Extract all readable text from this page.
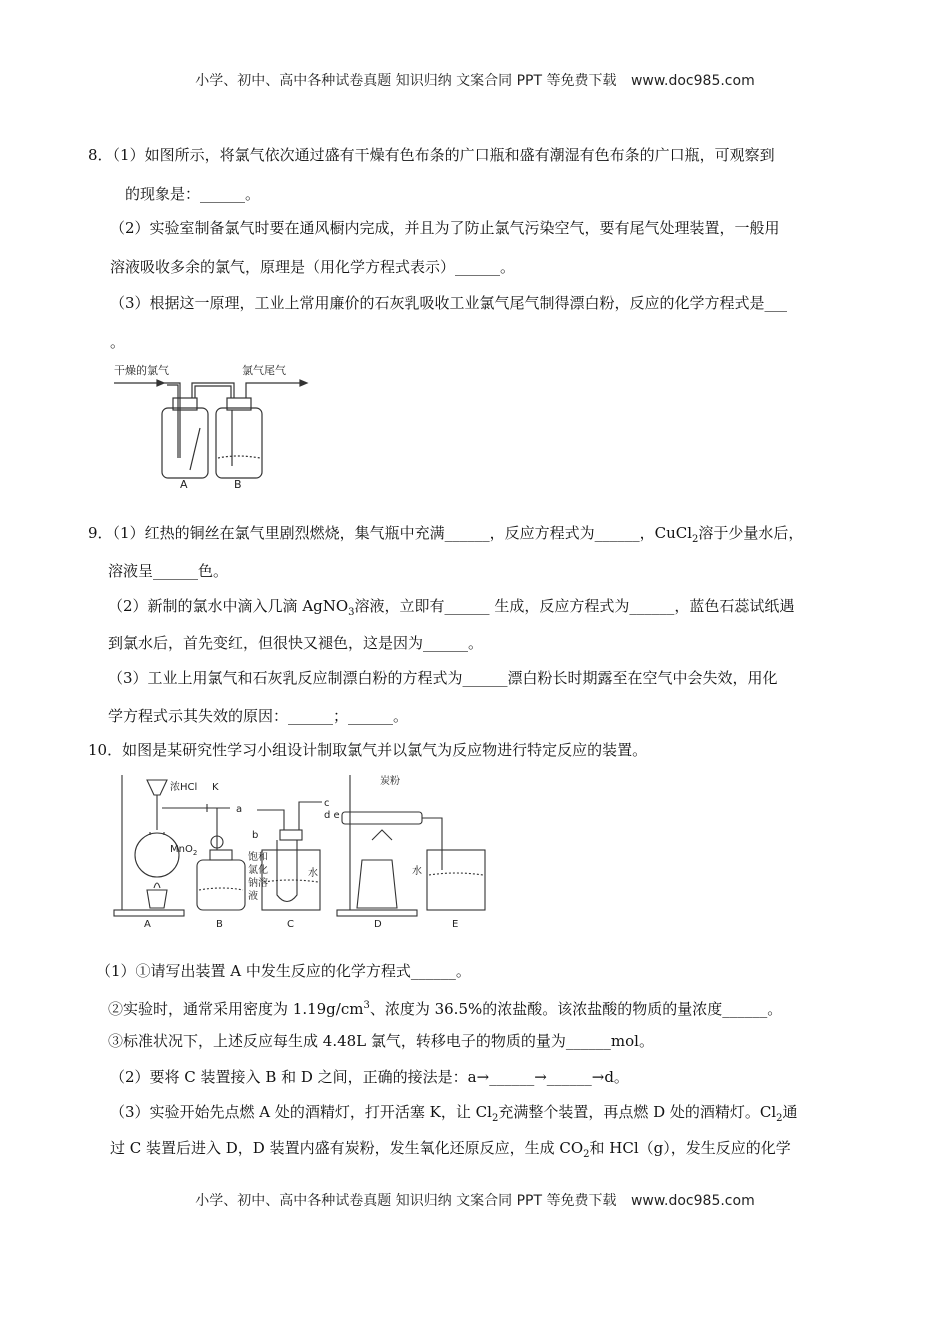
小学、初中、高中各种试卷真题 知识归纳 文案合同 PPT 等免费下载 www.doc985.com
8．（1）如图所示，将氯气依次通过盛有干燥有色布条的广口瓶和盛有潮湿有色布条的广口瓶，可观察到
的现象是：______。
（2）实验室制备氯气时要在通风橱内完成，并且为了防止氯气污染空气，要有尾气处理装置，一般用
溶液吸收多余的氯气，原理是（用化学方程式表示）______。
（3）根据这一原理，工业上常用廉价的石灰乳吸收工业氯气尾气制得漂白粉，反应的化学方程式是___
。
干燥的氯气	氯气尾气
A	B
9．（1）红热的铜丝在氯气里剧烈燃烧，集气瓶中充满______，反应方程式为______，CuCl$_2$溶于少量水后，
溶液呈______色。
（2）新制的氯水中滴入几滴 AgNO$_3$溶液，立即有______ 生成，反应方程式为______，蓝色石蕊试纸遇
到氯水后，首先变红，但很快又褪色，这是因为______。
（3）工业上用氯气和石灰乳反应制漂白粉的方程式为______漂白粉长时期露至在空气中会失效，用化
学方程式示其失效的原因：______；______。
10．如图是某研究性学习小组设计制取氯气并以氯气为反应物进行特定反应的装置。
浓HCl K
a
b
c
d e
MnO$_2$
炭粉
饱和
氯化
钠溶
液
水	水
A	B	C	D	E
（1）①请写出装置 A 中发生反应的化学方程式______。
②实验时，通常采用密度为 $1.19g/cm^3$、浓度为 36.5%的浓盐酸。该浓盐酸的物质的量浓度______。
③标准状况下，上述反应每生成 4.48L 氯气，转移电子的物质的量为______mol。
（2）要将 C 装置接入 B 和 D 之间，正确的接法是：a→______→______→d。
（3）实验开始先点燃 A 处的酒精灯，打开活塞 K，让 $Cl_2$充满整个装置，再点燃 D 处的酒精灯。$Cl_2$通
过 C 装置后进入 D，D 装置内盛有炭粉，发生氧化还原反应，生成 $CO_2$和 HCl（g），发生反应的化学
小学、初中、高中各种试卷真题 知识归纳 文案合同 PPT 等免费下载 www.doc985.com
